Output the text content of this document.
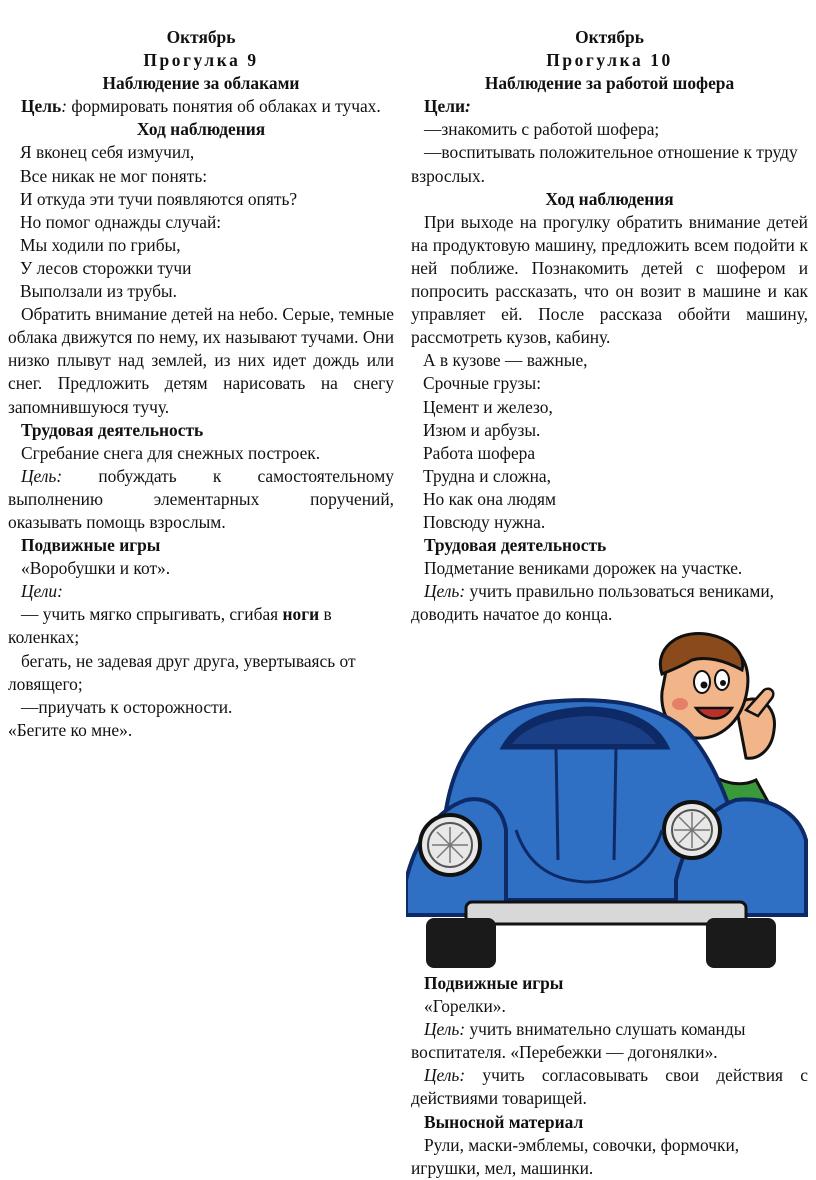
Октябрь
Прогулка 9
Наблюдение за облаками

Цель: формировать понятия об облаках и тучах.

Ход наблюдения
Я вконец себя измучил,
Все никак не мог понять:
И откуда эти тучи появляются опять?
Но помог однажды случай:
Мы ходили по грибы,
У лесов сторожки тучи
Выползали из трубы.

Обратить внимание детей на небо. Серые, темные облака движутся по нему, их называют тучами. Они низко плывут над землей, из них идет дождь или снег. Предложить детям нарисовать на снегу запомнившуюся тучу.

Трудовая деятельность

Сгребание снега для снежных построек.

Цель: побуждать к самостоятельному выполнению элементарных поручений,

оказывать помощь взрослым.

Подвижные игры

«Воробушки и кот».

Цели:

— учить мягко спрыгивать, сгибая ноги в коленках;

бегать, не задевая друг друга, увертываясь от ловящего;

—приучать к осторожности.

«Бегите ко мне».

Октябрь
Прогулка 10
Наблюдение за работой шофера

Цели:

—знакомить с работой шофера;

—воспитывать положительное отношение к труду взрослых.

Ход наблюдения

При выходе на прогулку обратить внимание детей на продуктовую машину, предложить всем подойти к ней поближе. Познакомить детей с шофером и попросить рассказать, что он возит в машине и как управляет ей. После рассказа обойти машину, рассмотреть кузов, кабину.

А в кузове — важные,
Срочные грузы:
Цемент и железо,
Изюм и арбузы.
Работа шофера
Трудна и сложна,
Но как она людям
Повсюду нужна.
Трудовая деятельность

Подметание вениками дорожек на участке.

Цель: учить правильно пользоваться вениками, доводить начатое до конца.

Подвижные игры

«Горелки».

Цель: учить внимательно слушать команды воспитателя. «Перебежки — догонялки».

Цель: учить согласовывать свои действия с действиями товарищей.

Выносной материал

Рули, маски-эмблемы, совочки, формочки, игрушки, мел, машинки.
